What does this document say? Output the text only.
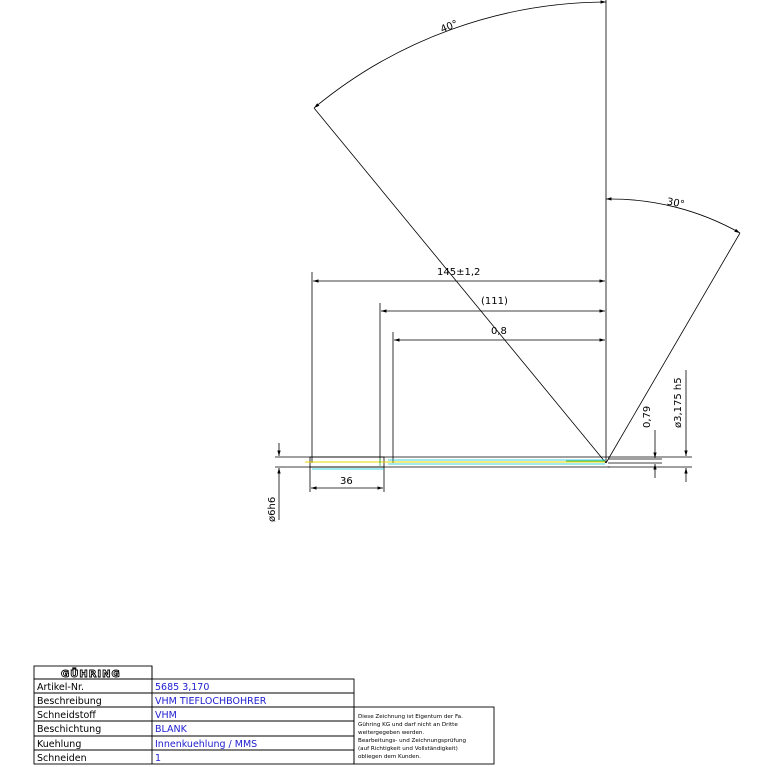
40°
30°
145±1,2
(111)
0,8
36
ø6h6
0,79 ø3,175 h5
GÜHRING
Artikel-Nr.	5685 3,170
Beschreibung	VHM TIEFLOCHBOHRER
Schneidstoff	VHM
Beschichtung	BLANK
Kuehlung	Innenkuehlung / MMS
Schneiden	1
Diese Zeichnung ist Eigentum der Fa.
Gühring KG und darf nicht an Dritte
weitergegeben werden.
Bearbeitungs- und Zeichnungsprüfung
(auf Richtigkeit und Vollständigkeit)
obliegen dem Kunden.
